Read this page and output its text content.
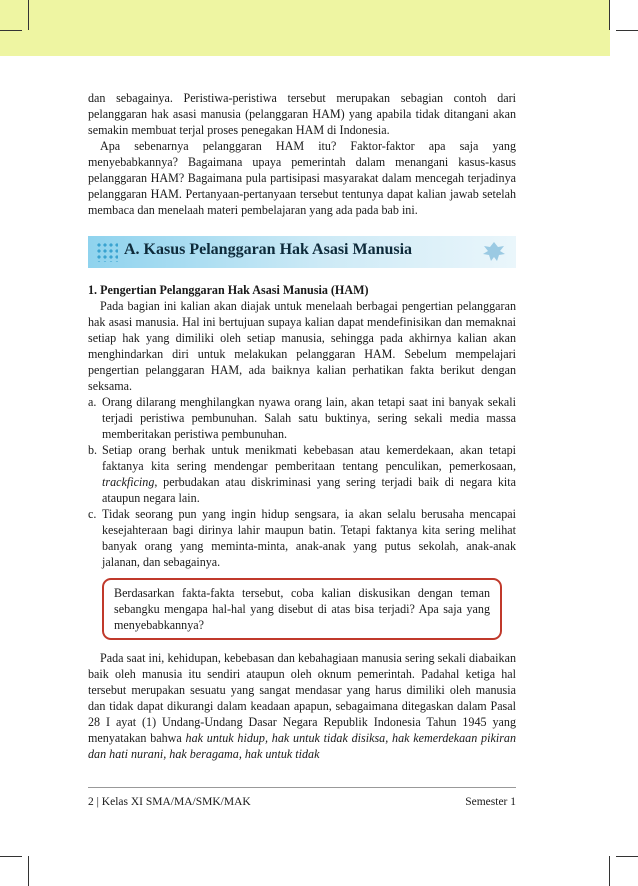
dan sebagainya. Peristiwa-peristiwa tersebut merupakan sebagian contoh dari pelanggaran hak asasi manusia (pelanggaran HAM) yang apabila tidak ditangani akan semakin membuat terjal proses penegakan HAM di Indonesia.

Apa sebenarnya pelanggaran HAM itu? Faktor-faktor apa saja yang menyebabkannya? Bagaimana upaya pemerintah dalam menangani kasus-kasus pelanggaran HAM? Bagaimana pula partisipasi masyarakat dalam mencegah terjadinya pelanggaran HAM. Pertanyaan-pertanyaan tersebut tentunya dapat kalian jawab setelah membaca dan menelaah materi pembelajaran yang ada pada bab ini.

A. Kasus Pelanggaran Hak Asasi Manusia

1. Pengertian Pelanggaran Hak Asasi Manusia (HAM)

Pada bagian ini kalian akan diajak untuk menelaah berbagai pengertian pelanggaran hak asasi manusia. Hal ini bertujuan supaya kalian dapat mendefinisikan dan memaknai setiap hak yang dimiliki oleh setiap manusia, sehingga pada akhirnya kalian akan menghindarkan diri untuk melakukan pelanggaran HAM. Sebelum mempelajari pengertian pelanggaran HAM, ada baiknya kalian perhatikan fakta berikut dengan seksama.

a. Orang dilarang menghilangkan nyawa orang lain, akan tetapi saat ini banyak sekali terjadi peristiwa pembunuhan. Salah satu buktinya, sering sekali media massa memberitakan peristiwa pembunuhan.
b. Setiap orang berhak untuk menikmati kebebasan atau kemerdekaan, akan tetapi faktanya kita sering mendengar pemberitaan tentang penculikan, pemerkosaan, trackficing, perbudakan atau diskriminasi yang sering terjadi baik di negara kita ataupun negara lain.
c. Tidak seorang pun yang ingin hidup sengsara, ia akan selalu berusaha mencapai kesejahteraan bagi dirinya lahir maupun batin. Tetapi faktanya kita sering melihat banyak orang yang meminta-minta, anak-anak yang putus sekolah, anak-anak jalanan, dan sebagainya.
Berdasarkan fakta-fakta tersebut, coba kalian diskusikan dengan teman sebangku mengapa hal-hal yang disebut di atas bisa terjadi? Apa saja yang menyebabkannya?

Pada saat ini, kehidupan, kebebasan dan kebahagiaan manusia sering sekali diabaikan baik oleh manusia itu sendiri ataupun oleh oknum pemerintah. Padahal ketiga hal tersebut merupakan sesuatu yang sangat mendasar yang harus dimiliki oleh manusia dan tidak dapat dikurangi dalam keadaan apapun, sebagaimana ditegaskan dalam Pasal 28 I ayat (1) Undang-Undang Dasar Negara Republik Indonesia Tahun 1945 yang menyatakan bahwa hak untuk hidup, hak untuk tidak disiksa, hak kemerdekaan pikiran dan hati nurani, hak beragama, hak untuk tidak

2 | Kelas XI SMA/MA/SMK/MAK	Semester 1
